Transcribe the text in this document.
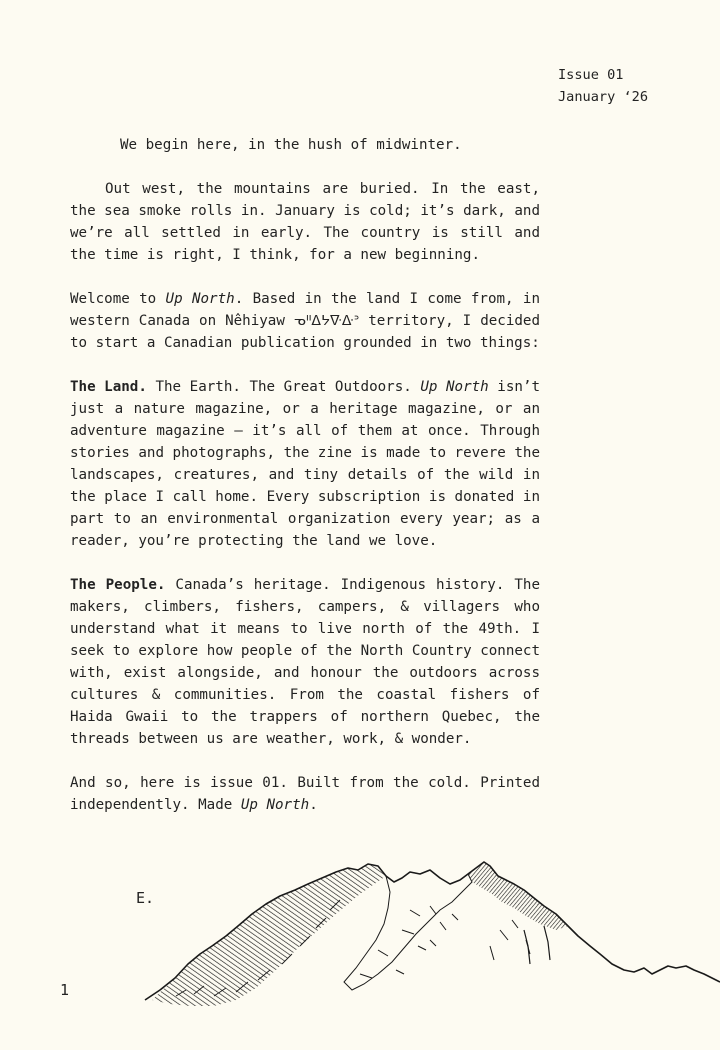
Issue 01
January ‘26

We begin here, in the hush of midwinter.

Out west, the mountains are buried. In the east, the sea smoke rolls in. January is cold; it’s dark, and we’re all settled in early. The country is still and the time is right, I think, for a new beginning.

Welcome to Up North. Based in the land I come from, in western Canada on Nêhiyaw ᓀᐦᐃᔭᐍᐏᐣ territory, I decided to start a Canadian publication grounded in two things:

The Land. The Earth. The Great Outdoors. Up North isn’t just a nature magazine, or a heritage magazine, or an adventure magazine — it’s all of them at once. Through stories and photographs, the zine is made to revere the landscapes, creatures, and tiny details of the wild in the place I call home. Every subscription is donated in part to an environmental organization every year; as a reader, you’re protecting the land we love.

The People. Canada’s heritage. Indigenous history. The makers, climbers, fishers, campers, & villagers who understand what it means to live north of the 49th. I seek to explore how people of the North Country connect with, exist alongside, and honour the outdoors across cultures & communities. From the coastal fishers of Haida Gwaii to the trappers of northern Quebec, the threads between us are weather, work, & wonder.

And so, here is issue 01. Built from the cold. Printed independently. Made Up North.

E.
1
